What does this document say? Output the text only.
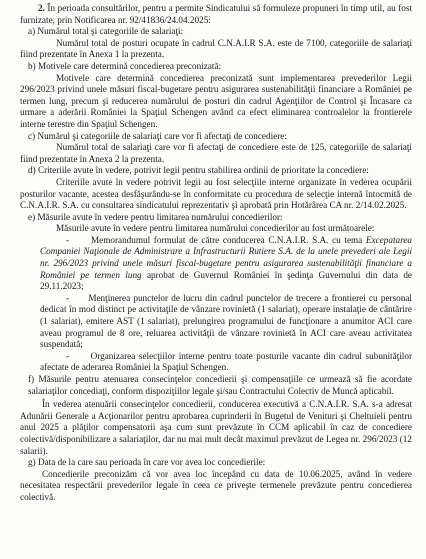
2. În perioada consultărilor, pentru a permite Sindicatului să formuleze propuneri în timp util, au fost furnizate, prin Notificarea nr. 92/41836/24.04.2025:

a) Numărul total şi categoriile de salariaţi:

Numărul total de posturi ocupate în cadrul C.N.A.I.R S.A. este de 7100, categoriile de salariaţi fiind prezentate în Anexa 1 la prezenta.

b) Motivele care determină concedierea preconizată:

Motivele care determină concedierea preconizată sunt implementarea prevederilor Legii 296/2023 privind unele măsuri fiscal-bugetare pentru asigurarea sustenabilităţii financiare a României pe termen lung, precum şi reducerea numărului de posturi din cadrul Agenţiilor de Control şi Încasare ca urmare a aderării României la Spaţiul Schengen având ca efect eliminarea controalelor la frontierele interne terestre din Spaţiul Schengen.

c) Numărul şi categoriile de salariaţi care vor fi afectaţi de concediere:

Numărul total de salariaţi care vor fi afectaţi de concediere este de 125, categoriile de salariaţi fiind prezentate în Anexa 2 la prezenta.

d) Criteriile avute în vedere, potrivit legii pentru stabilirea ordinii de prioritate la concediere:

Criteriile avute în vedere potrivit legii au fost selecţiile interne organizate în vederea ocupării posturilor vacante, acestea desfăşurându-se în conformitate cu procedura de selecţie internă întocmită de C.N.A.I.R. S.A. cu consultarea sindicatului reprezentativ şi aprobată prin Hotărârea CA nr. 2/14.02.2025.

e) Măsurile avute în vedere pentru limitarea numărului concedierilor:

Măsurile avute în vedere pentru limitarea numărului concedierilor au fost următoarele:

- Memorandumul formulat de către conducerea C.N.A.I.R. S.A. cu tema Excepatarea Companiei Naţionale de Administrare a Infrastructurii Rutiere S.A. de la unele prevederi ale Legii nr. 296/2023 privind unele măsuri fiscal-bugetare pentru asigurarea sustenabilităţii financiare a României pe termen lung aprobat de Guvernul României în şedinţa Guvernului din data de 29.11.2023;

- Menţinerea punctelor de lucru din cadrul punctelor de trecere a frontierei cu personal dedicat în mod distinct pe activitaţile de vânzare rovinietă (1 salariat), operare instalaţie de cântărire (1 salariat), emitere AST (1 salariat), prelungirea programului de funcţionare a anumitor ACI care aveau programul de 8 ore, reluarea activităţii de vânzare rovinietă în ACI care aveau activitatea suspendată;

- Organizarea selecţiilor interne pentru toate posturile vacante din cadrul subunităţilor afectate de aderarea României la Spaţiul Schengen.

f) Măsurile pentru atenuarea consecinţelor concedierii şi compensaţiile ce urmează să fie acordate salariaţilor concediaţi, conform dispoziţiilor legale şi/sau Contractului Colectiv de Muncă aplicabil.

În vederea atenuării consecinţelor concedierii, conducerea executivă a C.N.A.I.R. S.A. s-a adresat Adunării Generale a Acţionarilor pentru aprobarea cuprinderii în Bugetul de Venituri şi Cheltuieli pentru anul 2025 a plăţilor compensatorii aşa cum sunt prevăzute în CCM aplicabil în caz de concediere colectivă/disponibilizare a salariaţilor, dar nu mai mult decât maximul prevăzut de Legea nr. 296/2023 (12 salarii).

g) Data de la care sau perioada în care vor avea loc concedierile:

Concedierile preconizăm că vor avea loc începând cu data de 10.06.2025, având în vedere necesitatea respectării prevederilor legale în ceea ce priveşte termenele prevăzute pentru concedierea colectivă.
